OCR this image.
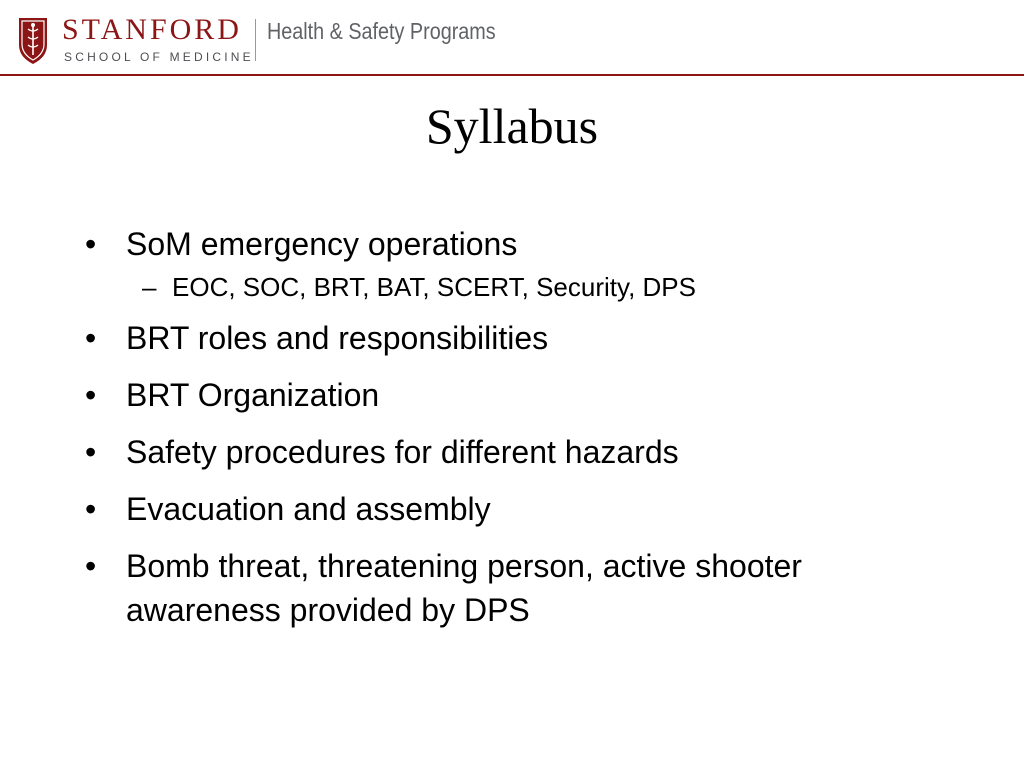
STANFORD
SCHOOL OF MEDICINE
Health & Safety Programs
Syllabus
• SoM emergency operations
– EOC, SOC, BRT, BAT, SCERT, Security, DPS
• BRT roles and responsibilities
• BRT Organization
• Safety procedures for different hazards
• Evacuation and assembly
• Bomb threat, threatening person, active shooter awareness provided by DPS
